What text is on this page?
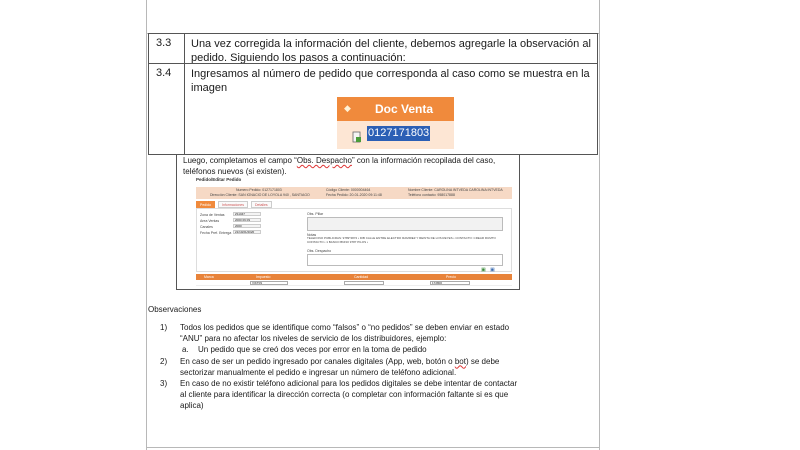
3.3	Una vez corregida la información del cliente, debemos agregarle la observación al pedido. Siguiendo los pasos a continuación:
3.4	Ingresamos al número de pedido que corresponda al caso como se muestra en la imagen
◆ Doc Venta
0127171803
Luego, completamos el campo “Obs. Despacho” con la información recopilada del caso, teléfonos nuevos (si existen).
Pedido/Editar Pedido
Numero Pedido: 0127171803	Código Cliente: 0000004464	Nombre Cliente: CAROLINA INTVEDA CAROLINA INTVEDA
Dirección Cliente: SAN IGNACIO DE LOYOLA 940 , SANTIAGO	Fecha Pedido: 20-01-2020 09:11:48	Teléfono contacto: 958017888
Pedido	Informaciones	Detalles
Zona de Ventas	Z11047
Area Ventas	2000 09 09
Canales	2000
Fecha Pref. Entrega	21/10/21/2020
Obs. Pillar
Notas
TELEFONO PUBLICRAS: 9789*4872 • DIB CALLE ENTRE ELECTRO RAMIREZ Y REINTA DE LOS REYES • CONTACTO: CREAR RUMTO CONTACTO • 1 BANCO BNNO 9787 PILOS •
Obs. Despacho
▣ ▣
Marca	Impuesto	Cantidad	Precio
VIKT09	172800
Observaciones
1) Todos los pedidos que se identifique como “falsos” o “no pedidos” se deben enviar en estado “ANU” para no afectar los niveles de servicio de los distribuidores, ejemplo:
a. Un pedido que se creó dos veces por error en la toma de pedido
2) En caso de ser un pedido ingresado por canales digitales (App, web, botón o bot) se debe sectorizar manualmente el pedido e ingresar un número de teléfono adicional.
3) En caso de no existir teléfono adicional para los pedidos digitales se debe intentar de contactar al cliente para identificar la dirección correcta (o completar con información faltante si es que aplica)
